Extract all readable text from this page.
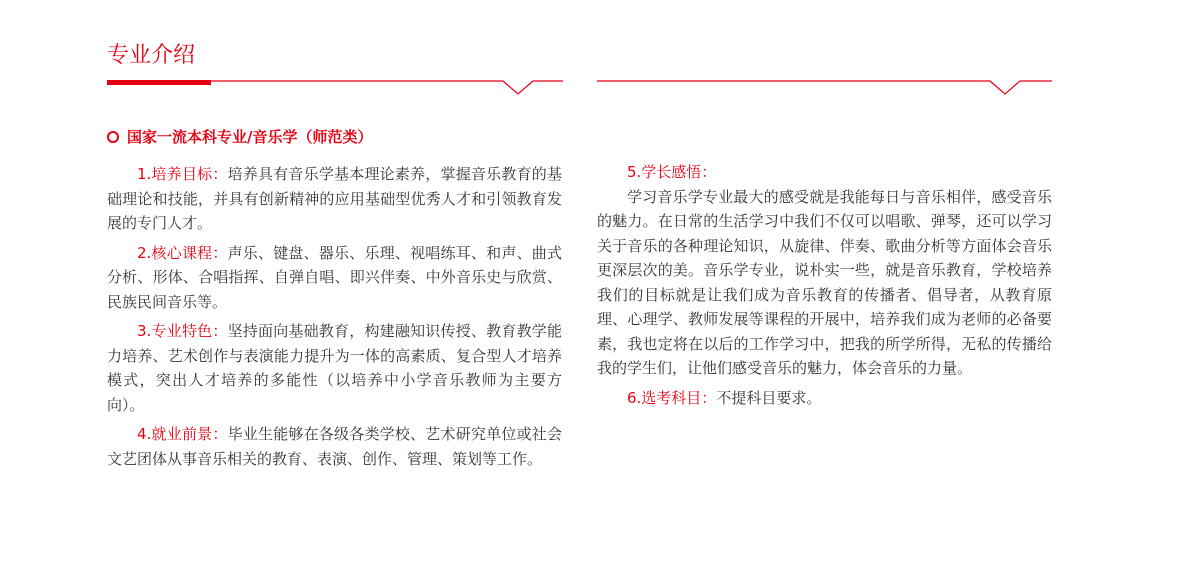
专业介绍
国家一流本科专业/音乐学（师范类）

1.培养目标：培养具有音乐学基本理论素养，掌握音乐教育的基础理论和技能，并具有创新精神的应用基础型优秀人才和引领教育发展的专门人才。

2.核心课程：声乐、键盘、器乐、乐理、视唱练耳、和声、曲式分析、形体、合唱指挥、自弹自唱、即兴伴奏、中外音乐史与欣赏、民族民间音乐等。

3.专业特色：坚持面向基础教育，构建融知识传授、教育教学能力培养、艺术创作与表演能力提升为一体的高素质、复合型人才培养模式，突出人才培养的多能性（以培养中小学音乐教师为主要方向）。

4.就业前景：毕业生能够在各级各类学校、艺术研究单位或社会文艺团体从事音乐相关的教育、表演、创作、管理、策划等工作。

5.学长感悟：

学习音乐学专业最大的感受就是我能每日与音乐相伴，感受音乐的魅力。在日常的生活学习中我们不仅可以唱歌、弹琴，还可以学习关于音乐的各种理论知识，从旋律、伴奏、歌曲分析等方面体会音乐更深层次的美。音乐学专业，说朴实一些，就是音乐教育，学校培养我们的目标就是让我们成为音乐教育的传播者、倡导者，从教育原理、心理学、教师发展等课程的开展中，培养我们成为老师的必备要素，我也定将在以后的工作学习中，把我的所学所得，无私的传播给我的学生们，让他们感受音乐的魅力，体会音乐的力量。

6.选考科目：不提科目要求。
